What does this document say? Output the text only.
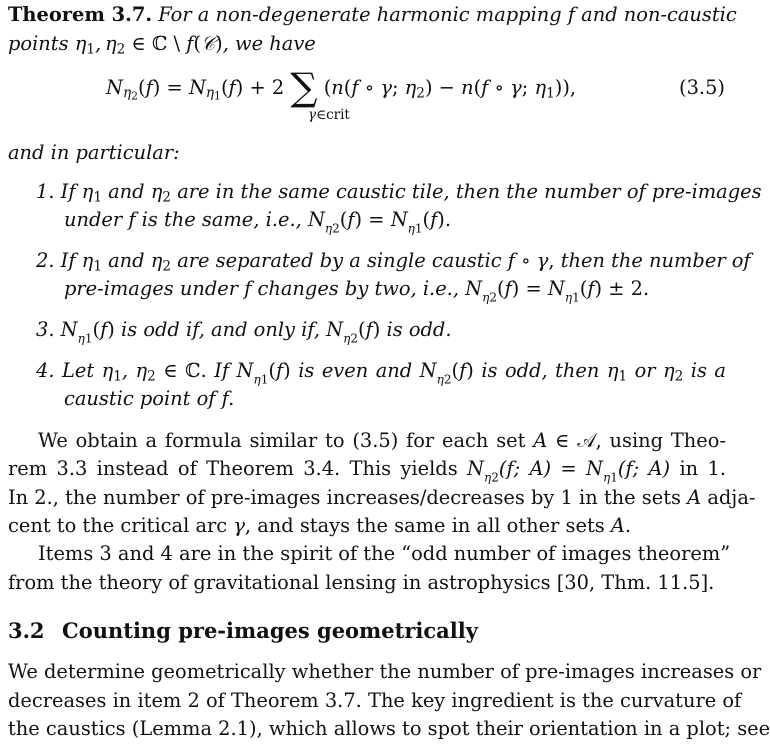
Theorem 3.7. For a non-degenerate harmonic mapping f and non-caustic
points $\eta_1$, $\eta_2$ ∈ ℂ \ f(𝒞), we have
$N_{\eta_2}(f) = N_{\eta_1}(f) + 2$ ∑ (n(f ∘ γ; $\eta_2) - n(f$ ∘ γ; $\eta_1$)),	(3.5)
γ∈crit
and in particular:
1. If $\eta_1$ and $\eta_2$ are in the same caustic tile, then the number of pre-images
under f is the same, i.e., $N_{\eta 2}(f) = N_{\eta 1}(f)$.
2. If $\eta_1$ and $\eta_2$ are separated by a single caustic f ∘ γ, then the number of
pre-images under f changes by two, i.e., $N_{\eta 2}(f) = N_{\eta 1}(f) \pm 2$.
3. $N_{\eta 1}(f)$ is odd if, and only if, $N_{\eta 2}(f)$ is odd.
4. Let $\eta_1$, $\eta_2$ ∈ ℂ. If $N_{\eta 1}(f)$ is even and $N_{\eta 2}(f)$ is odd, then $\eta_1$ or $\eta_2$ is a
caustic point of f.
We obtain a formula similar to (3.5) for each set A ∈ 𝒜, using Theo-
rem 3.3 instead of Theorem 3.4. This yields $N_{\eta 2}(f$; $A) = N_{\eta 1}(f$; A) in 1.
In 2., the number of pre-images increases/decreases by 1 in the sets A adja-
cent to the critical arc γ, and stays the same in all other sets A.
Items 3 and 4 are in the spirit of the “odd number of images theorem”
from the theory of gravitational lensing in astrophysics [30, Thm. 11.5].
3.2 Counting pre-images geometrically
We determine geometrically whether the number of pre-images increases or
decreases in item 2 of Theorem 3.7. The key ingredient is the curvature of
the caustics (Lemma 2.1), which allows to spot their orientation in a plot; see
